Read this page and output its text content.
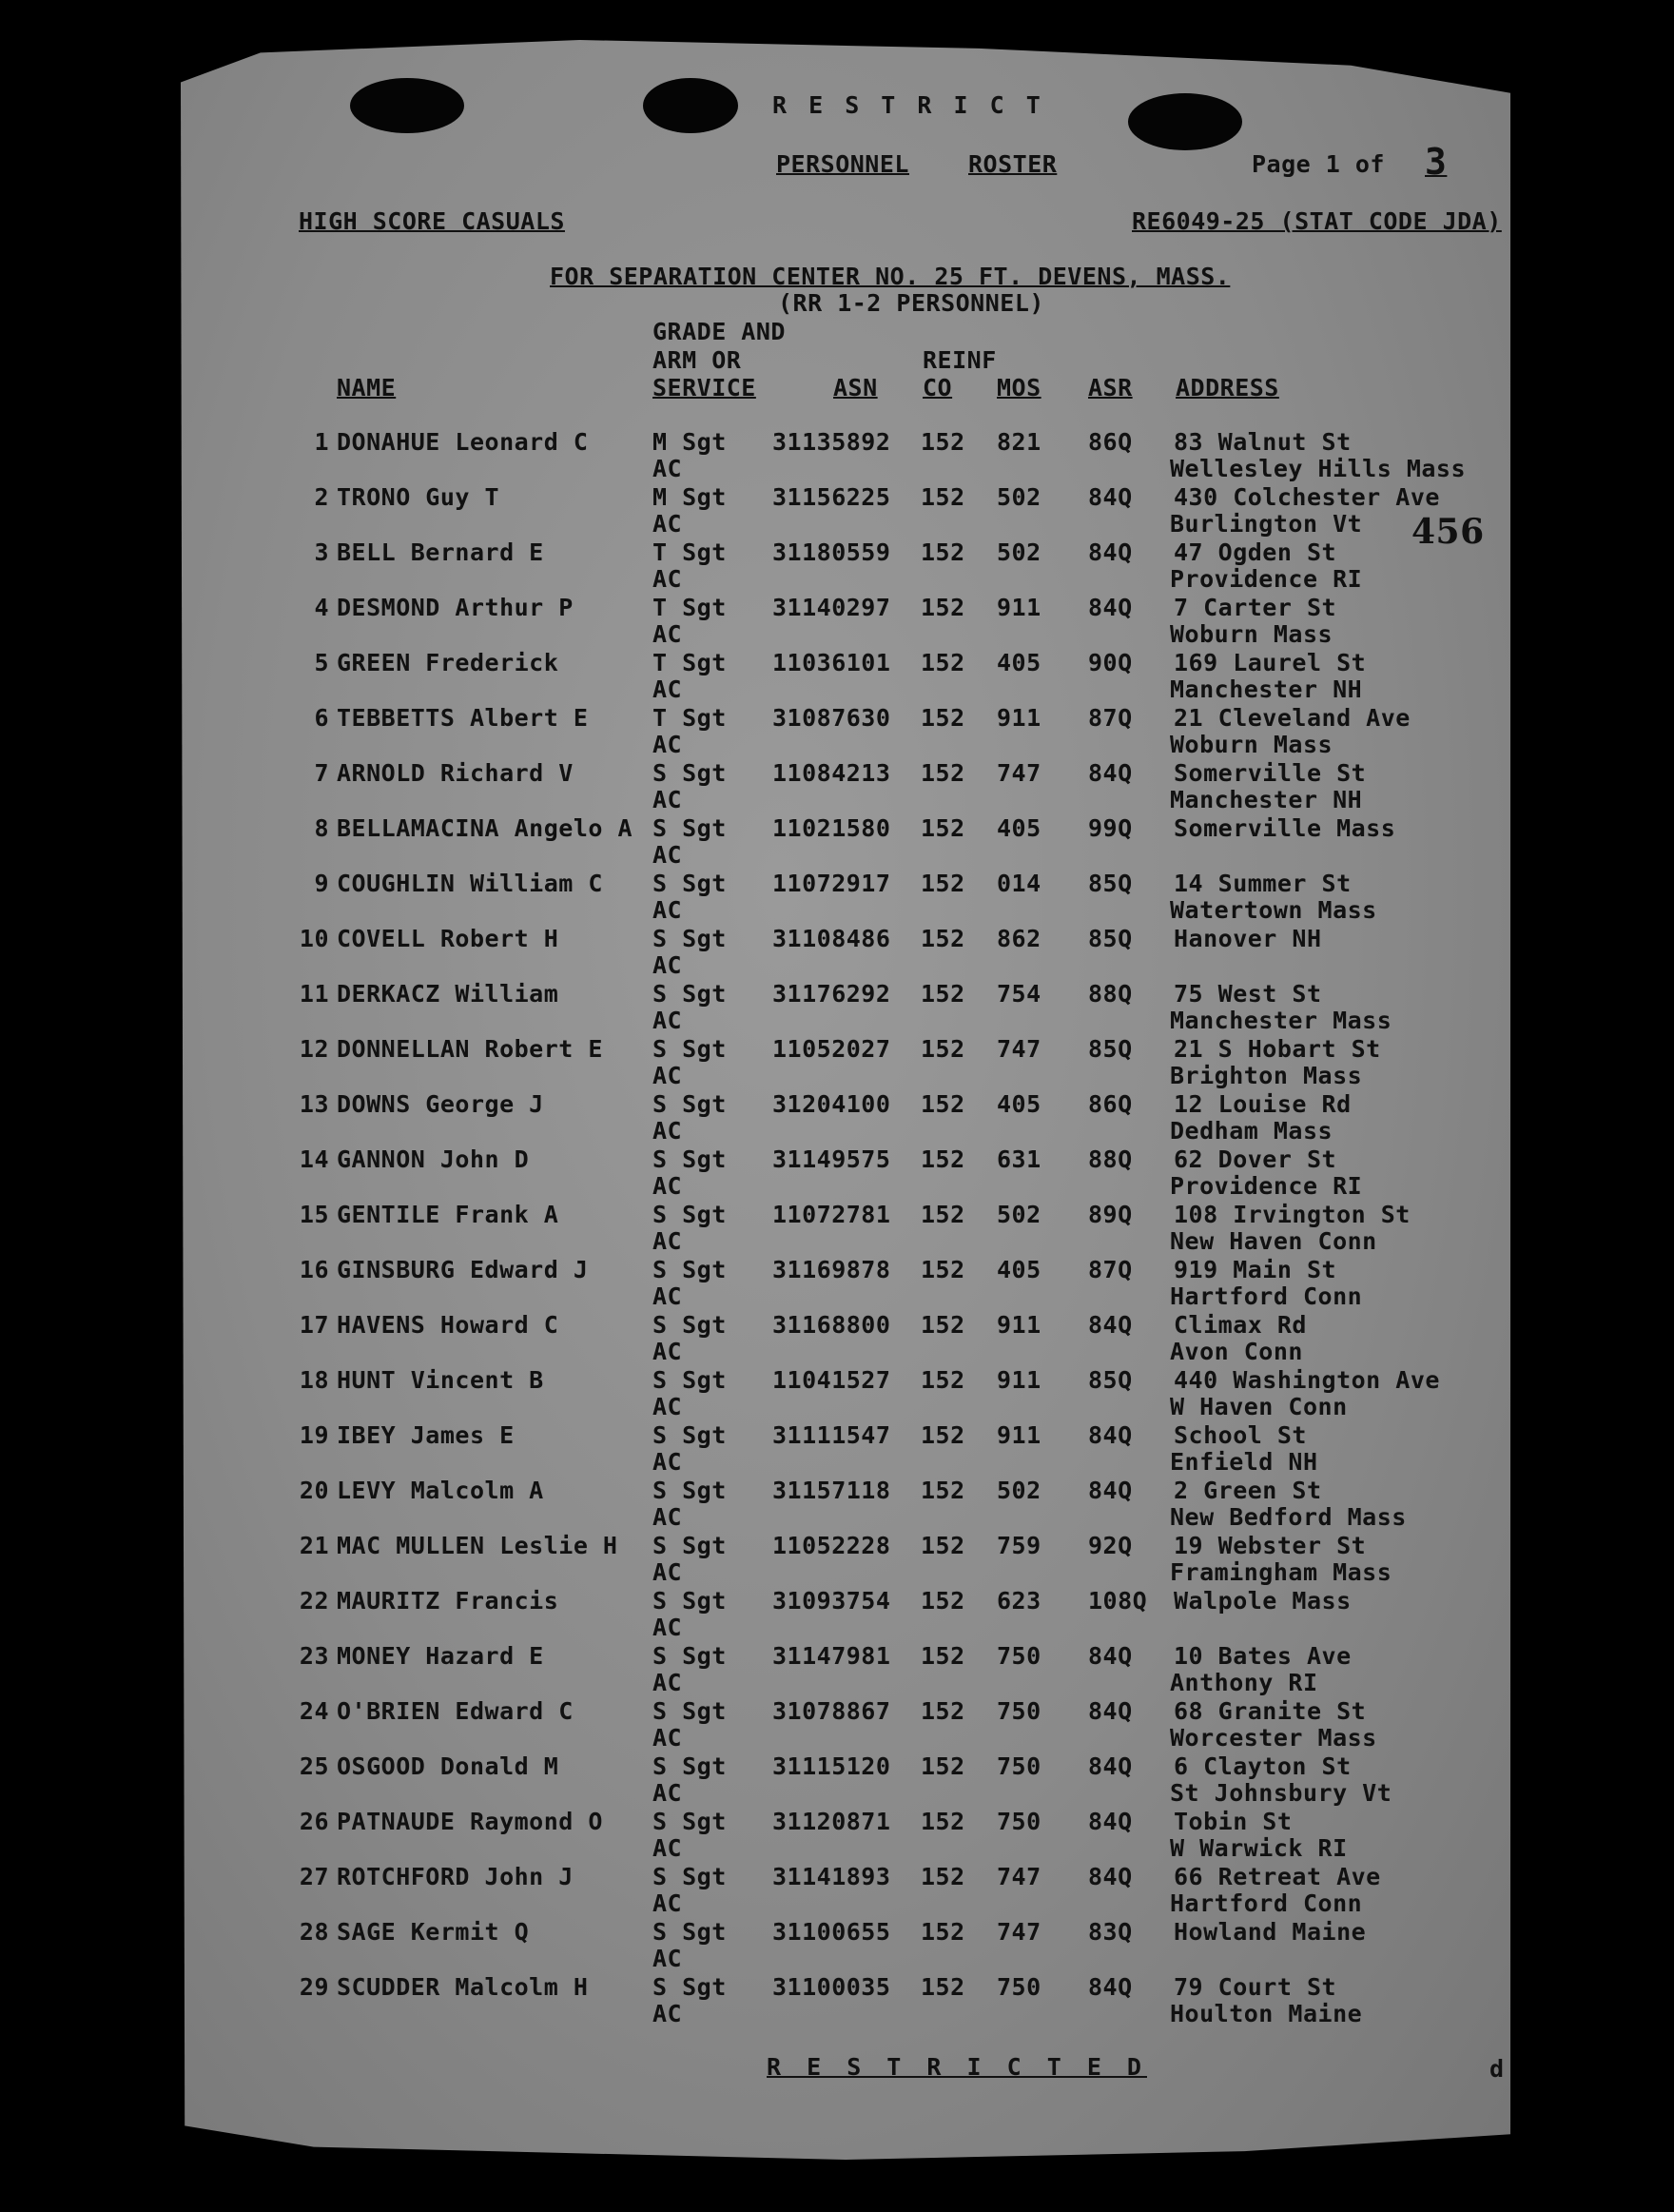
R E S T R I C T
PERSONNEL ROSTER	Page 1 of 3
HIGH SCORE CASUALS	RE6049-25 (STAT CODE JDA)
FOR SEPARATION CENTER NO. 25 FT. DEVENS, MASS.
(RR 1-2 PERSONNEL)
456
GRADE AND
ARM OR
SERVICE
REINF
NAME	ASN CO MOS ASR ADDRESS
1 DONAHUE Leonard C	M Sgt 31135892 152 821 86Q 83 Walnut St
AC	Wellesley Hills Mass
2 TRONO Guy T	M Sgt 31156225 152 502 84Q 430 Colchester Ave
AC	Burlington Vt
3 BELL Bernard E	T Sgt 31180559 152 502 84Q 47 Ogden St
AC	Providence RI
4 DESMOND Arthur P	T Sgt 31140297 152 911 84Q 7 Carter St
AC	Woburn Mass
5 GREEN Frederick	T Sgt 11036101 152 405 90Q 169 Laurel St
AC	Manchester NH
6 TEBBETTS Albert E	T Sgt 31087630 152 911 87Q 21 Cleveland Ave
AC	Woburn Mass
7 ARNOLD Richard V	S Sgt 11084213 152 747 84Q Somerville St
AC	Manchester NH
8 BELLAMACINA Angelo A S Sgt 11021580 152 405 99Q Somerville Mass
AC
9 COUGHLIN William C S Sgt 11072917 152 014 85Q 14 Summer St
AC	Watertown Mass
10 COVELL Robert H	S Sgt 31108486 152 862 85Q Hanover NH
AC
11 DERKACZ William	S Sgt 31176292 152 754 88Q 75 West St
AC	Manchester Mass
12 DONNELLAN Robert E S Sgt 11052027 152 747 85Q 21 S Hobart St
AC	Brighton Mass
13 DOWNS George J	S Sgt 31204100 152 405 86Q 12 Louise Rd
AC	Dedham Mass
14 GANNON John D	S Sgt 31149575 152 631 88Q 62 Dover St
AC	Providence RI
15 GENTILE Frank A	S Sgt 11072781 152 502 89Q 108 Irvington St
AC	New Haven Conn
16 GINSBURG Edward J	S Sgt 31169878 152 405 87Q 919 Main St
AC	Hartford Conn
17 HAVENS Howard C	S Sgt 31168800 152 911 84Q Climax Rd
AC	Avon Conn
18 HUNT Vincent B	S Sgt 11041527 152 911 85Q 440 Washington Ave
AC	W Haven Conn
19 IBEY James E	S Sgt 31111547 152 911 84Q School St
AC	Enfield NH
20 LEVY Malcolm A	S Sgt 31157118 152 502 84Q 2 Green St
AC	New Bedford Mass
21 MAC MULLEN Leslie H S Sgt 11052228 152 759 92Q 19 Webster St
AC	Framingham Mass
22 MAURITZ Francis	S Sgt 31093754 152 623 108Q Walpole Mass
AC
23 MONEY Hazard E	S Sgt 31147981 152 750 84Q 10 Bates Ave
AC	Anthony RI
24 O'BRIEN Edward C	S Sgt 31078867 152 750 84Q 68 Granite St
AC	Worcester Mass
25 OSGOOD Donald M	S Sgt 31115120 152 750 84Q 6 Clayton St
AC	St Johnsbury Vt
26 PATNAUDE Raymond O S Sgt 31120871 152 750 84Q Tobin St
AC	W Warwick RI
27 ROTCHFORD John J	S Sgt 31141893 152 747 84Q 66 Retreat Ave
AC	Hartford Conn
28 SAGE Kermit Q	S Sgt 31100655 152 747 83Q Howland Maine
AC
29 SCUDDER Malcolm H	S Sgt 31100035 152 750 84Q 79 Court St
AC	Houlton Maine
R E S T R I C T E D	d
